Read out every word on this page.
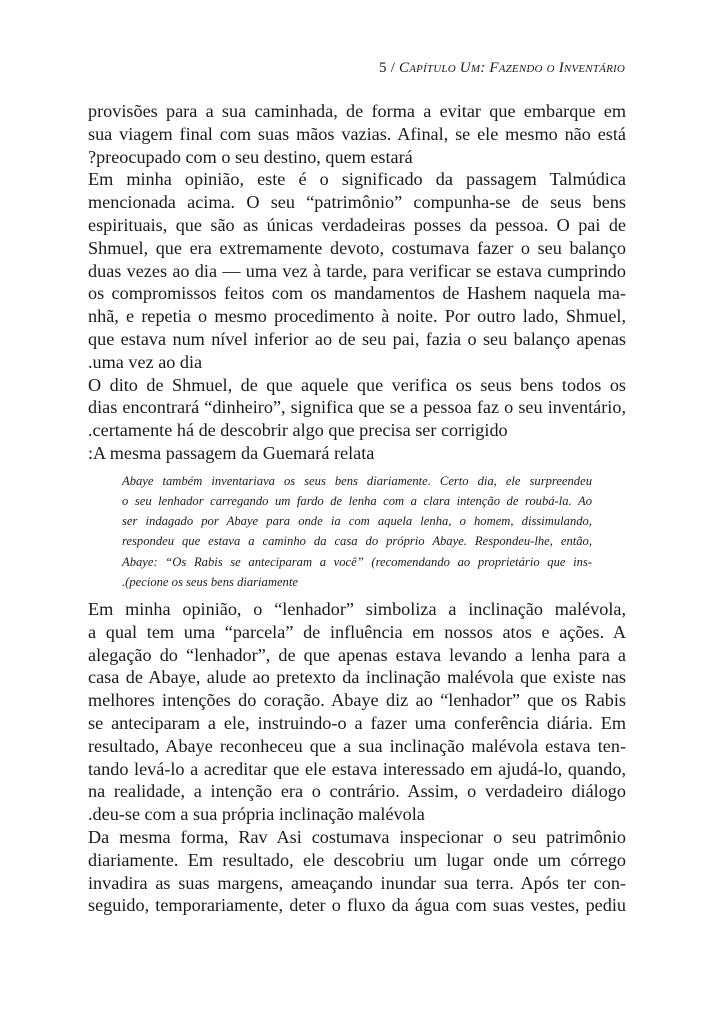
5 / Capítulo Um: Fazendo o Inventário
provisões para a sua caminhada, de forma a evitar que embarque em
sua viagem final com suas mãos vazias. Afinal, se ele mesmo não está
?preocupado com o seu destino, quem estará
Em minha opinião, este é o significado da passagem Talmúdica
mencionada acima. O seu “patrimônio” compunha-se de seus bens
espirituais, que são as únicas verdadeiras posses da pessoa. O pai de
Shmuel, que era extremamente devoto, costumava fazer o seu balanço
duas vezes ao dia — uma vez à tarde, para verificar se estava cumprindo
os compromissos feitos com os mandamentos de Hashem naquela ma-
nhã, e repetia o mesmo procedimento à noite. Por outro lado, Shmuel,
que estava num nível inferior ao de seu pai, fazia o seu balanço apenas
.uma vez ao dia
O dito de Shmuel, de que aquele que verifica os seus bens todos os
dias encontrará “dinheiro”, significa que se a pessoa faz o seu inventário,
.certamente há de descobrir algo que precisa ser corrigido
:A mesma passagem da Guemará relata
Abaye também inventariava os seus bens diariamente. Certo dia, ele surpreendeu
o seu lenhador carregando um fardo de lenha com a clara intenção de roubá-la. Ao
ser indagado por Abaye para onde ia com aquela lenha, o homem, dissimulando,
respondeu que estava a caminho da casa do próprio Abaye. Respondeu-lhe, então,
Abaye: “Os Rabis se anteciparam a você” (recomendando ao proprietário que ins-
.(pecione os seus bens diariamente
Em minha opinião, o “lenhador” simboliza a inclinação malévola,
a qual tem uma “parcela” de influência em nossos atos e ações. A
alegação do “lenhador”, de que apenas estava levando a lenha para a
casa de Abaye, alude ao pretexto da inclinação malévola que existe nas
melhores intenções do coração. Abaye diz ao “lenhador” que os Rabis
se anteciparam a ele, instruindo-o a fazer uma conferência diária. Em
resultado, Abaye reconheceu que a sua inclinação malévola estava ten-
tando levá-lo a acreditar que ele estava interessado em ajudá-lo, quando,
na realidade, a intenção era o contrário. Assim, o verdadeiro diálogo
.deu-se com a sua própria inclinação malévola
Da mesma forma, Rav Asi costumava inspecionar o seu patrimônio
diariamente. Em resultado, ele descobriu um lugar onde um córrego
invadira as suas margens, ameaçando inundar sua terra. Após ter con-
seguido, temporariamente, deter o fluxo da água com suas vestes, pediu
